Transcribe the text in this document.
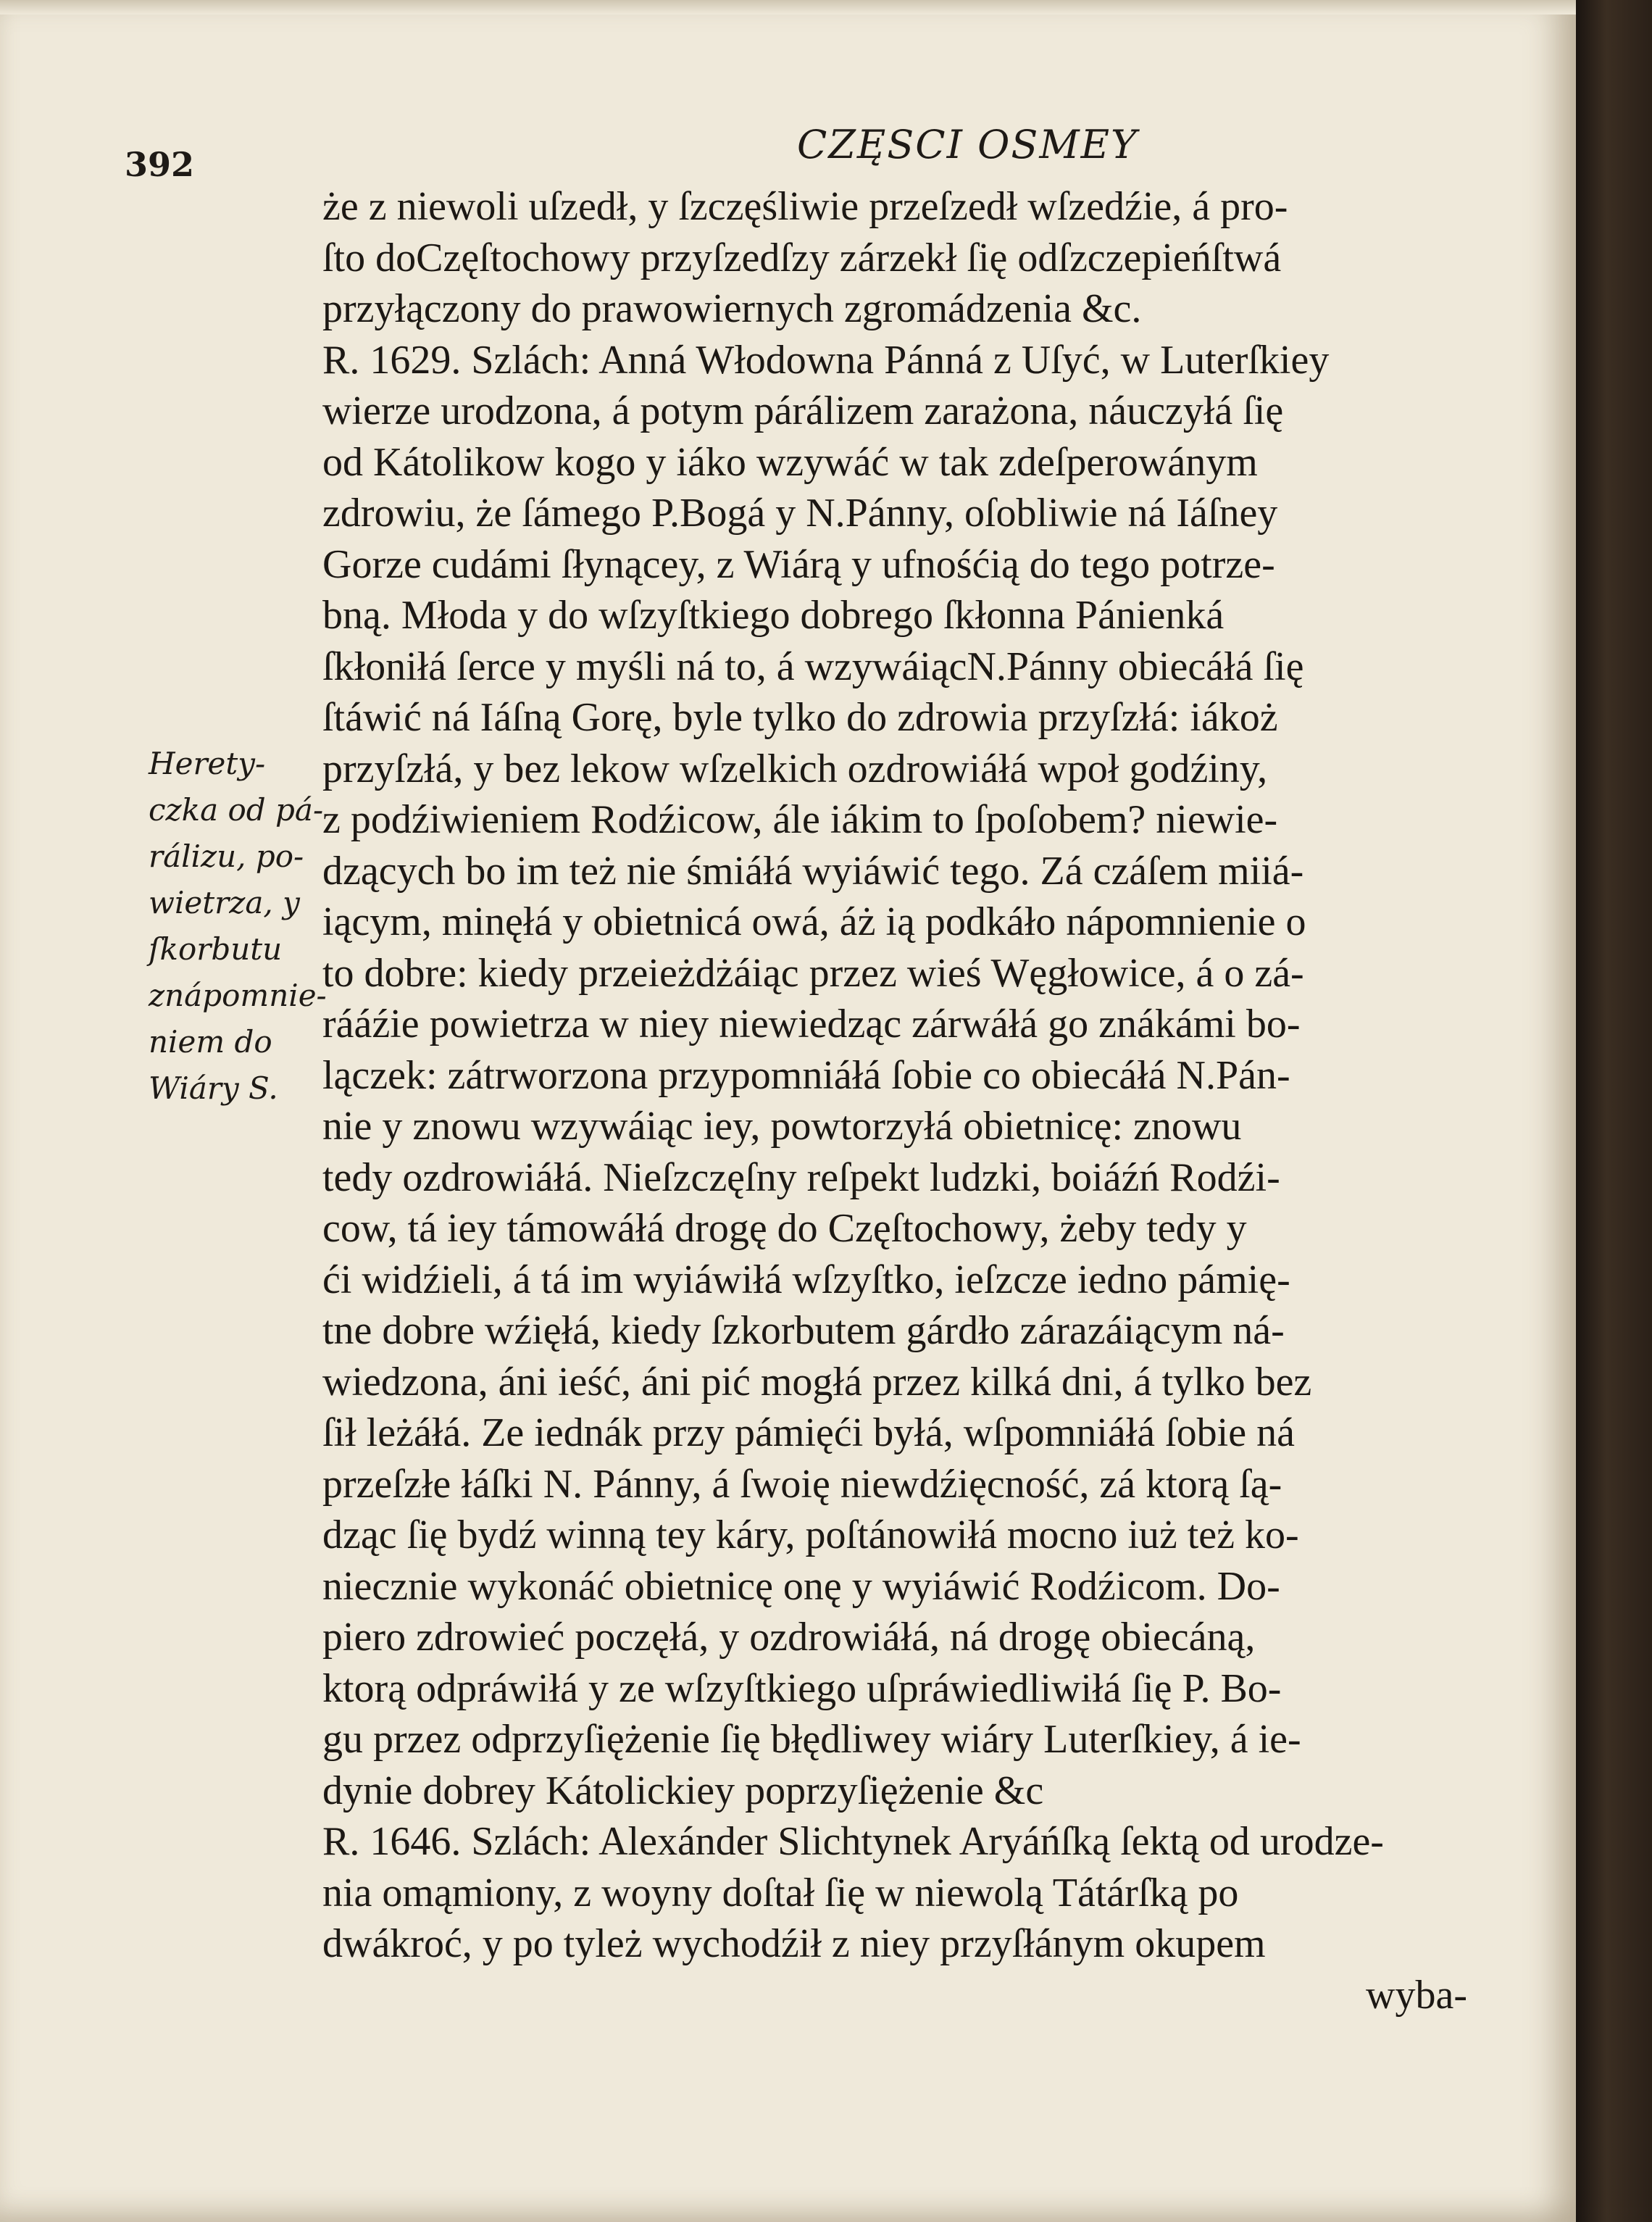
392	CZĘSCI OSMEY
Herety-
czka od pá-
rálizu, po-
wietrza, y
ſkorbutu
znápomnie-
niem do
Wiáry S.
że z niewoli uſzedł, y ſzczęśliwie przeſzedł wſzedźie, á pro-
ſto doCzęſtochowy przyſzedſzy zárzekł ſię odſzczepieńſtwá
przyłączony do prawowiernych zgromádzenia &c.
R. 1629. Szlách: Anná Włodowna Pánná z Uſyć, w Luterſkiey
wierze urodzona, á potym párálizem zarażona, náuczyłá ſię
od Kátolikow kogo y iáko wzywáć w tak zdeſperowánym
zdrowiu, że ſámego P.Bogá y N.Pánny, oſobliwie ná Iáſney
Gorze cudámi ſłynącey, z Wiárą y ufnośćią do tego potrze-
bną. Młoda y do wſzyſtkiego dobrego ſkłonna Pánienká
ſkłoniłá ſerce y myśli ná to, á wzywáiącN.Pánny obiecáłá ſię
ſtáwić ná Iáſną Gorę, byle tylko do zdrowia przyſzłá: iákoż
przyſzłá, y bez lekow wſzelkich ozdrowiáłá wpoł godźiny,
z podźiwieniem Rodźicow, ále iákim to ſpoſobem? niewie-
dzących bo im też nie śmiáłá wyiáwić tego. Zá czáſem miiá-
iącym, minęłá y obietnicá owá, áż ią podkáło nápomnienie o
to dobre: kiedy przeieżdżáiąc przez wieś Węgłowice, á o zá-
rááźie powietrza w niey niewiedząc zárwáłá go znákámi bo-
lączek: zátrworzona przypomniáłá ſobie co obiecáłá N.Pán-
nie y znowu wzywáiąc iey, powtorzyłá obietnicę: znowu
tedy ozdrowiáłá. Nieſzczęſny reſpekt ludzki, boiáźń Rodźi-
cow, tá iey támowáłá drogę do Częſtochowy, żeby tedy y
ći widźieli, á tá im wyiáwiłá wſzyſtko, ieſzcze iedno pámię-
tne dobre wźięłá, kiedy ſzkorbutem gárdło zárazáiącym ná-
wiedzona, áni ieść, áni pić mogłá przez kilká dni, á tylko bez
ſił leżáłá. Ze iednák przy pámięći byłá, wſpomniáłá ſobie ná
przeſzłe łáſki N. Pánny, á ſwoię niewdźięcność, zá ktorą ſą-
dząc ſię bydź winną tey káry, poſtánowiłá mocno iuż też ko-
niecznie wykonáć obietnicę onę y wyiáwić Rodźicom. Do-
piero zdrowieć poczęłá, y ozdrowiáłá, ná drogę obiecáną,
ktorą odpráwiłá y ze wſzyſtkiego uſpráwiedliwiłá ſię P. Bo-
gu przez odprzyſiężenie ſię błędliwey wiáry Luterſkiey, á ie-
dynie dobrey Kátolickiey poprzyſiężenie &c
R. 1646. Szlách: Alexánder Slichtynek Aryáńſką ſektą od urodze-
nia omąmiony, z woyny doſtał ſię w niewolą Tátárſką po
dwákroć, y po tyleż wychodźił z niey przyſłánym okupem
wyba-
